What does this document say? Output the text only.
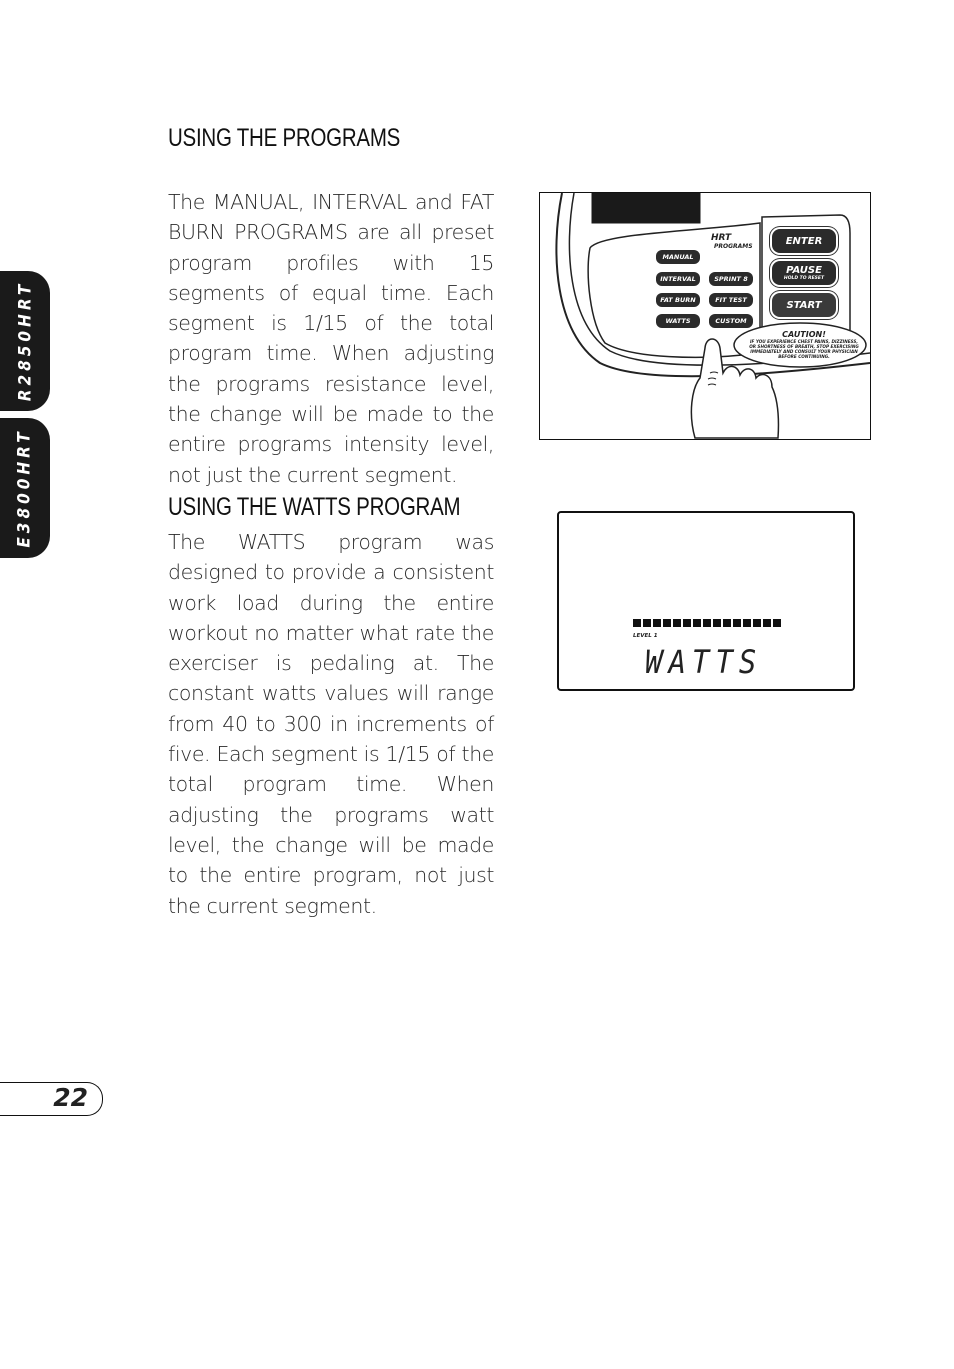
R2850HRT
E3800HRT
USING THE PROGRAMS
The MANUAL, INTERVAL and FAT BURN PROGRAMS are all preset program profiles with 15 segments of equal time. Each segment is 1/15 of the total program time. When adjusting the programs resistance level, the change will be made to the entire programs intensity level, not just the current segment.
USING THE WATTS PROGRAM
The WATTS program was designed to provide a consistent work load during the entire workout no matter what rate the exerciser is pedaling at. The constant watts values will range from 40 to 300 in increments of five. Each segment is 1/15 of the total program time. When adjusting the programs watt level, the change will be made to the entire program, not just the current segment.
MANUAL
INTERVAL
FAT BURN
WATTS
HRT
PROGRAMS
SPRINT 8
FIT TEST
CUSTOM
ENTER
PAUSE
HOLD TO RESET
START
CAUTION!
IF YOU EXPERIENCE CHEST PAINS, DIZZINESS, OR SHORTNESS OF BREATH, STOP EXERCISING IMMEDIATELY AND CONSULT YOUR PHYSICIAN BEFORE CONTINUING.
LEVEL 1
WATTS
22
